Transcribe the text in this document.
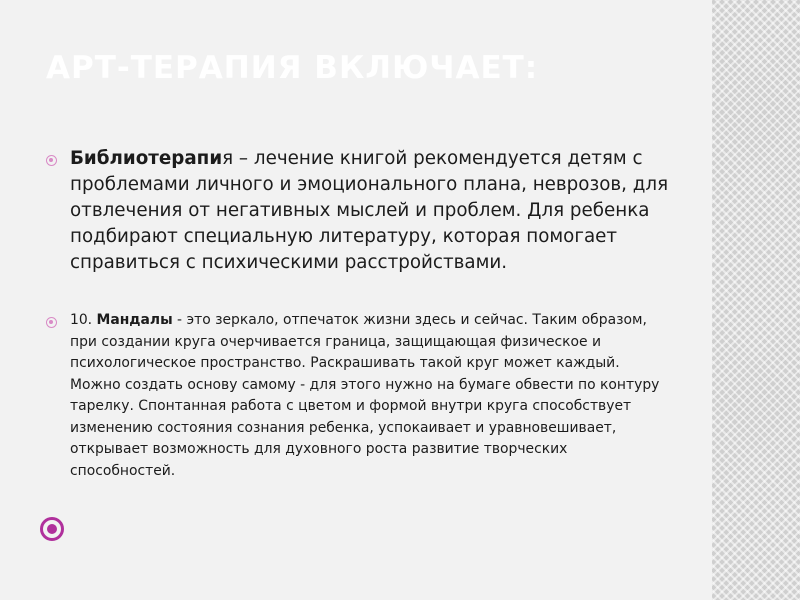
АРТ-ТЕРАПИЯ ВКЛЮЧАЕТ:
Библиотерапия – лечение книгой рекомендуется детям с проблемами личного и эмоционального плана, неврозов, для отвлечения от негативных мыслей и проблем. Для ребенка подбирают специальную литературу, которая помогает справиться с психическими расстройствами.
10. Мандалы - это зеркало, отпечаток жизни здесь и сейчас. Таким образом, при создании круга очерчивается граница, защищающая физическое и психологическое пространство. Раскрашивать такой круг может каждый. Можно создать основу самому - для этого нужно на бумаге обвести по контуру тарелку. Спонтанная работа с цветом и формой внутри круга способствует изменению состояния сознания ребенка, успокаивает и уравновешивает, открывает возможность для духовного роста развитие творческих способностей.
